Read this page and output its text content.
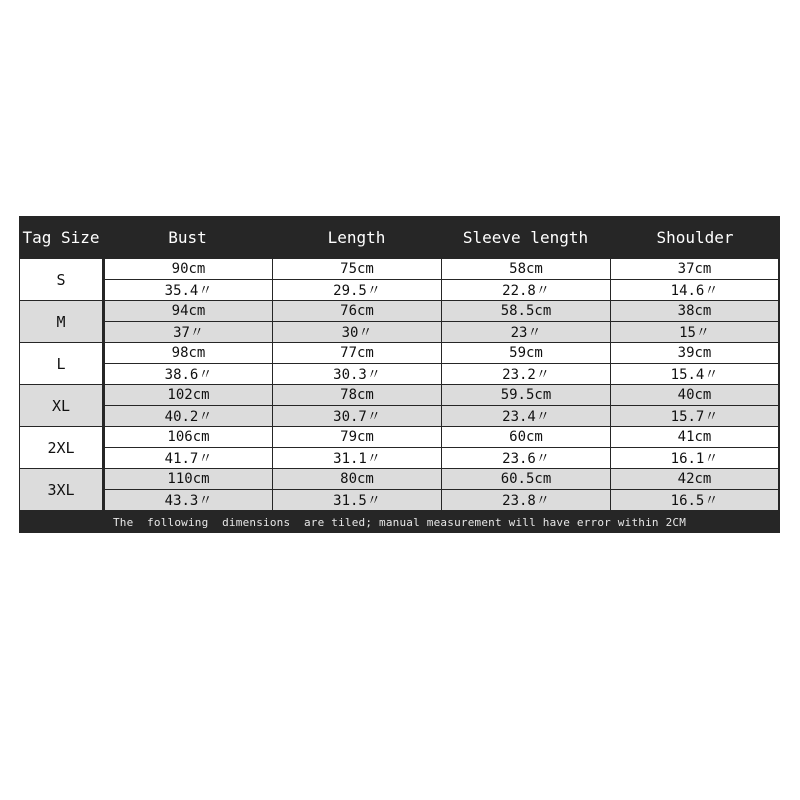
Tag Size	Bust	Length	Sleeve length	Shoulder
S
90cm	75cm	58cm	37cm
35.4〃	29.5〃	22.8〃	14.6〃
M
94cm	76cm	58.5cm	38cm
37〃	30〃	23〃	15〃
L
98cm	77cm	59cm	39cm
38.6〃	30.3〃	23.2〃	15.4〃
XL
102cm	78cm	59.5cm	40cm
40.2〃	30.7〃	23.4〃	15.7〃
2XL
106cm	79cm	60cm	41cm
41.7〃	31.1〃	23.6〃	16.1〃
3XL
110cm	80cm	60.5cm	42cm
43.3〃	31.5〃	23.8〃	16.5〃
The  following  dimensions  are tiled; manual measurement will have error within 2CM
